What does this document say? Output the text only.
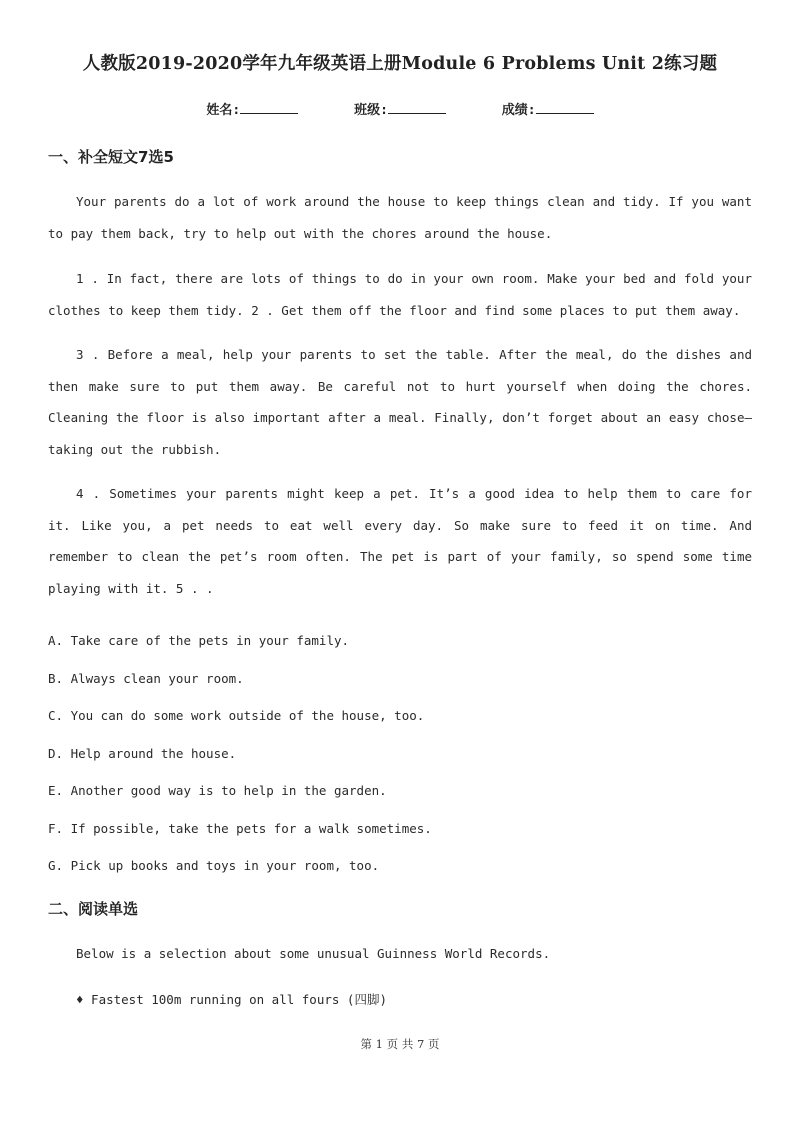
人教版2019-2020学年九年级英语上册Module 6 Problems Unit 2练习题
姓名:	班级:	成绩:
一、补全短文7选5
Your parents do a lot of work around the house to keep things clean and tidy. If you want to pay them back, try to help out with the chores around the house.
1 . In fact, there are lots of things to do in your own room. Make your bed and fold your clothes to keep them tidy. 2 . Get them off the floor and find some places to put them away.
3 . Before a meal, help your parents to set the table. After the meal, do the dishes and then make sure to put them away. Be careful not to hurt yourself when doing the chores. Cleaning the floor is also important after a meal. Finally, don’t forget about an easy chose—taking out the rubbish.
4 . Sometimes your parents might keep a pet. It’s a good idea to help them to care for it. Like you, a pet needs to eat well every day. So make sure to feed it on time. And remember to clean the pet’s room often. The pet is part of your family, so spend some time playing with it. 5 . .
A. Take care of the pets in your family.
B. Always clean your room.
C. You can do some work outside of the house, too.
D. Help around the house.
E. Another good way is to help in the garden.
F. If possible, take the pets for a walk sometimes.
G. Pick up books and toys in your room, too.
二、阅读单选
Below is a selection about some unusual Guinness World Records.
♦ Fastest 100m running on all fours (四脚)
第 1 页 共 7 页
